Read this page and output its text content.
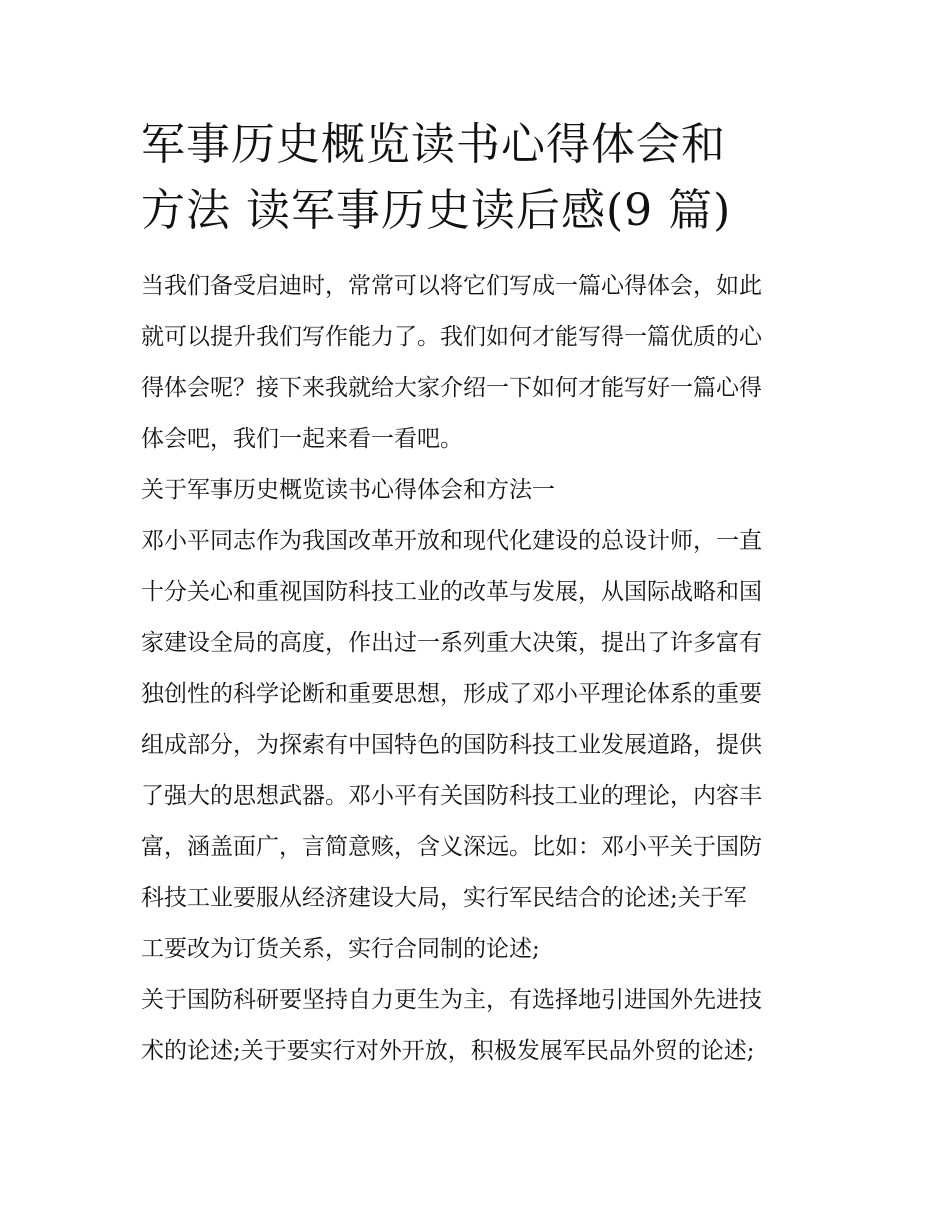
军事历史概览读书心得体会和
方法 读军事历史读后感(9 篇)

当我们备受启迪时，常常可以将它们写成一篇心得体会，如此
就可以提升我们写作能力了。我们如何才能写得一篇优质的心
得体会呢？接下来我就给大家介绍一下如何才能写好一篇心得
体会吧，我们一起来看一看吧。

关于军事历史概览读书心得体会和方法一

邓小平同志作为我国改革开放和现代化建设的总设计师，一直
十分关心和重视国防科技工业的改革与发展，从国际战略和国
家建设全局的高度，作出过一系列重大决策，提出了许多富有
独创性的科学论断和重要思想，形成了邓小平理论体系的重要
组成部分，为探索有中国特色的国防科技工业发展道路，提供
了强大的思想武器。邓小平有关国防科技工业的理论，内容丰
富，涵盖面广，言简意赅，含义深远。比如：邓小平关于国防
科技工业要服从经济建设大局，实行军民结合的论述;关于军
工要改为订货关系，实行合同制的论述;

关于国防科研要坚持自力更生为主，有选择地引进国外先进技
术的论述;关于要实行对外开放，积极发展军民品外贸的论述;
